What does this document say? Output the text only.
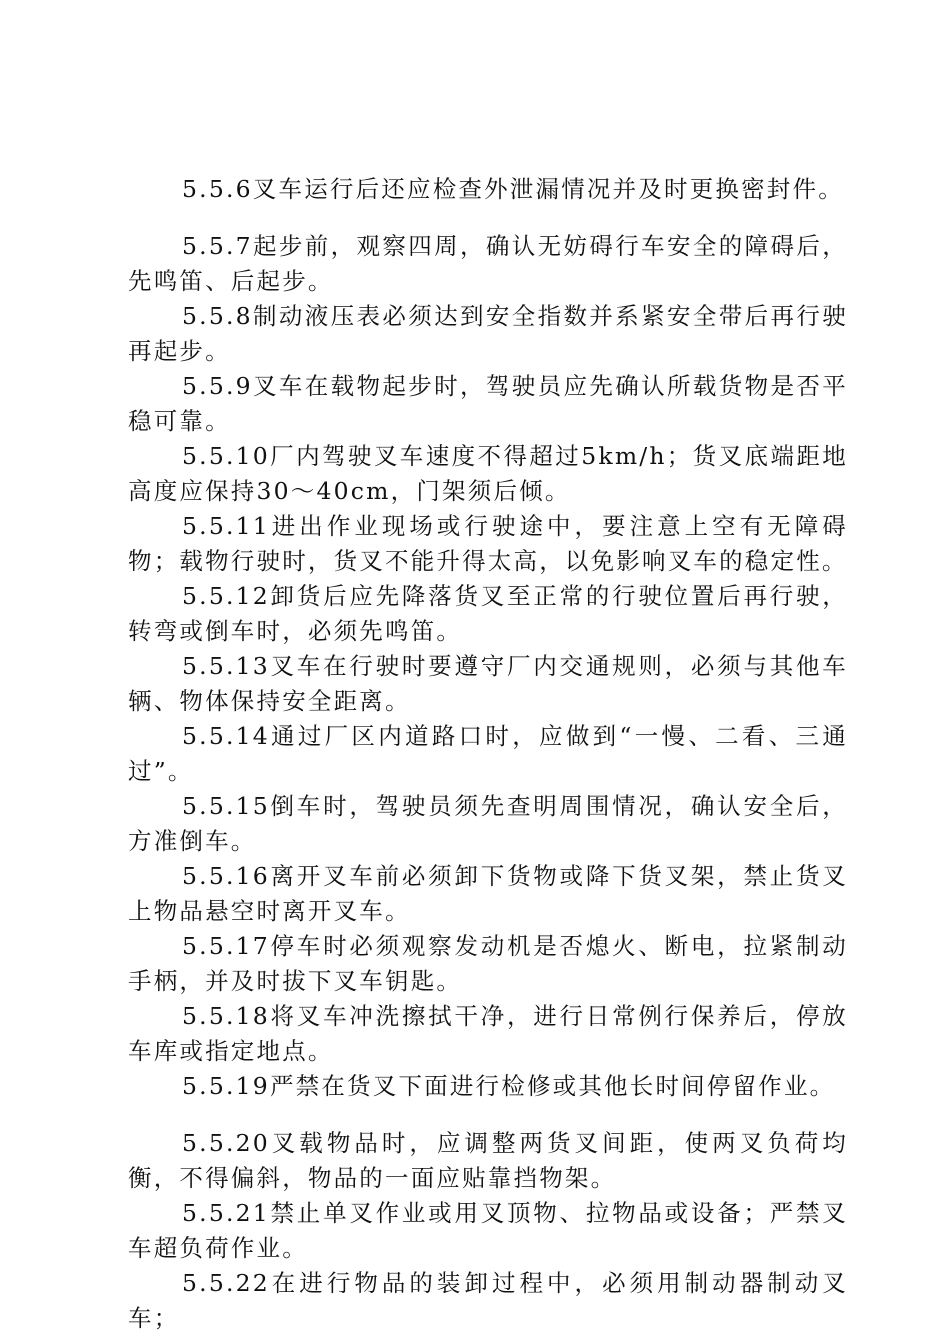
5.5.6叉车运行后还应检查外泄漏情况并及时更换密封件。

5.5.7起步前，观察四周，确认无妨碍行车安全的障碍后，先鸣笛、后起步。

5.5.8制动液压表必须达到安全指数并系紧安全带后再行驶再起步。

5.5.9叉车在载物起步时，驾驶员应先确认所载货物是否平稳可靠。

5.5.10厂内驾驶叉车速度不得超过5km/h；货叉底端距地高度应保持30～40cm，门架须后倾。

5.5.11进出作业现场或行驶途中，要注意上空有无障碍物；载物行驶时，货叉不能升得太高，以免影响叉车的稳定性。

5.5.12卸货后应先降落货叉至正常的行驶位置后再行驶，转弯或倒车时，必须先鸣笛。

5.5.13叉车在行驶时要遵守厂内交通规则，必须与其他车辆、物体保持安全距离。

5.5.14通过厂区内道路口时，应做到“一慢、二看、三通过”。

5.5.15倒车时，驾驶员须先查明周围情况，确认安全后，方准倒车。

5.5.16离开叉车前必须卸下货物或降下货叉架，禁止货叉上物品悬空时离开叉车。

5.5.17停车时必须观察发动机是否熄火、断电，拉紧制动手柄，并及时拔下叉车钥匙。

5.5.18将叉车冲洗擦拭干净，进行日常例行保养后，停放车库或指定地点。

5.5.19严禁在货叉下面进行检修或其他长时间停留作业。

5.5.20叉载物品时，应调整两货叉间距，使两叉负荷均衡，不得偏斜，物品的一面应贴靠挡物架。

5.5.21禁止单叉作业或用叉顶物、拉物品或设备；严禁叉车超负荷作业。

5.5.22在进行物品的装卸过程中，必须用制动器制动叉车；
